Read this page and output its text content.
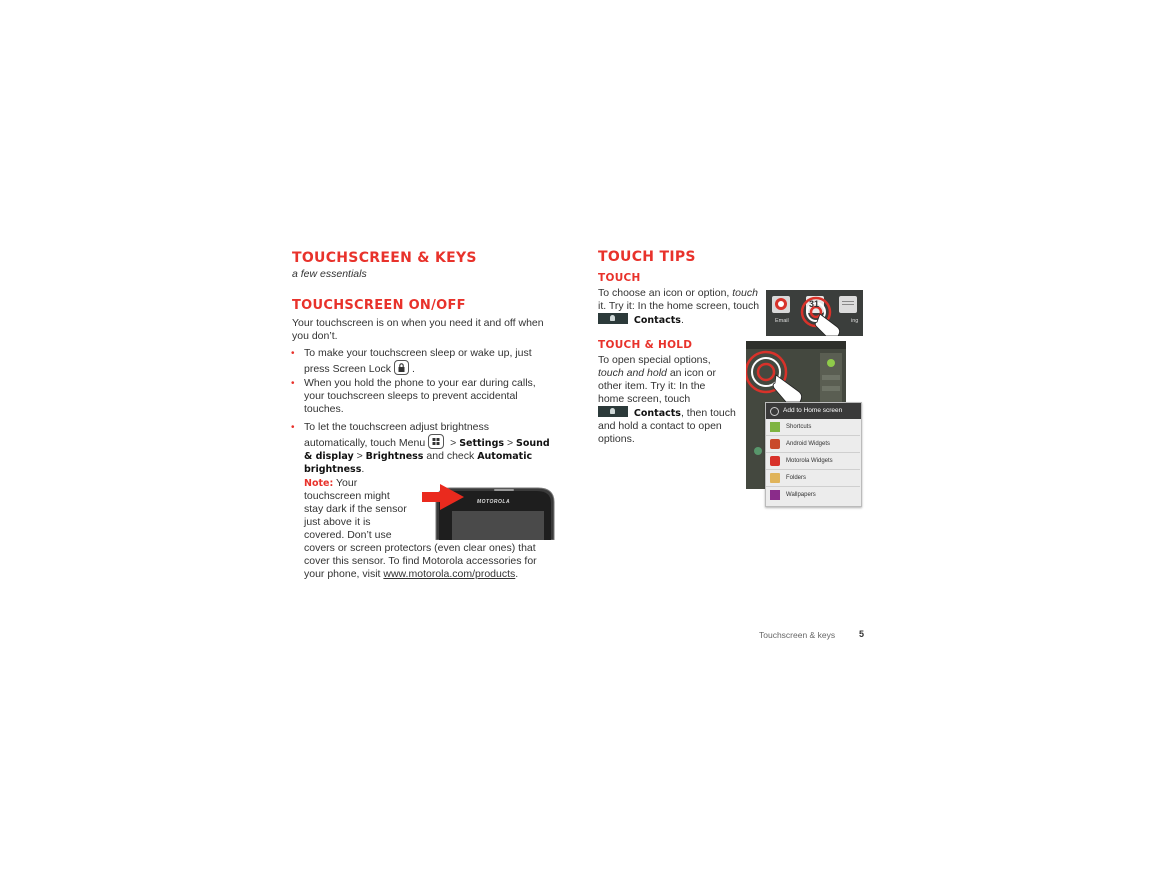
TOUCHSCREEN & KEYS
a few essentials
TOUCHSCREEN ON/OFF
Your touchscreen is on when you need it and off when
you don’t.
• To make your touchscreen sleep or wake up, just
press Screen Lock .
• When you hold the phone to your ear during calls,
your touchscreen sleeps to prevent accidental
touches.
• To let the touchscreen adjust brightness
automatically, touch Menu > Settings > Sound
& display > Brightness and check Automatic
brightness.
Note: Your
touchscreen might
stay dark if the sensor
just above it is
covered. Don’t use
covers or screen protectors (even clear ones) that
cover this sensor. To find Motorola accessories for
your phone, visit www.motorola.com/products.
MOTOROLA
TOUCH TIPS
TOUCH
To choose an icon or option, touch
it. Try it: In the home screen, touch
Contacts.	Email
31
ing
TOUCH & HOLD
To open special options,
touch and hold an icon or
other item. Try it: In the
home screen, touch
Contacts, then touch
and hold a contact to open
options.
Add to Home screen
Shortcuts
Android Widgets
Motorola Widgets
Folders
Wallpapers
Touchscreen & keys	5
